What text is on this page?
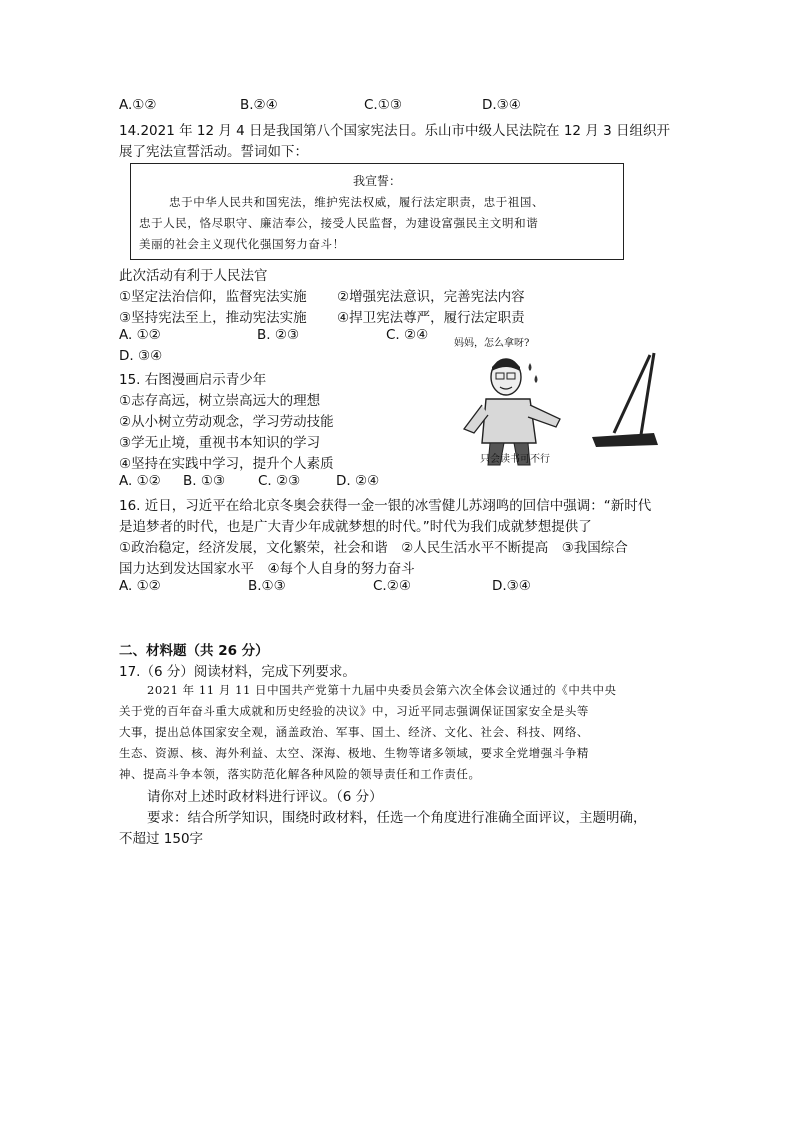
A.①②	B.②④	C.①③	D.③④
14.2021 年 12 月 4 日是我国第八个国家宪法日。乐山市中级人民法院在 12 月 3 日组织开
展了宪法宣誓活动。誓词如下：
我宣誓：
忠于中华人民共和国宪法，维护宪法权威，履行法定职责，忠于祖国、
忠于人民，恪尽职守、廉洁奉公，接受人民监督，为建设富强民主文明和谐
美丽的社会主义现代化强国努力奋斗！
此次活动有利于人民法官
①坚定法治信仰，监督宪法实施 ②增强宪法意识，完善宪法内容
③坚持宪法至上，推动宪法实施 ④捍卫宪法尊严，履行法定职责
A. ①②	B. ②③	C. ②④
D. ③④
15. 右图漫画启示青少年
①志存高远，树立崇高远大的理想
②从小树立劳动观念，学习劳动技能
③学无止境，重视书本知识的学习
④坚持在实践中学习，提升个人素质
A. ①② B. ①③ C. ②③	D. ②④
妈妈，怎么拿呀?
只会读书可不行
16. 近日，习近平在给北京冬奥会获得一金一银的冰雪健儿苏翊鸣的回信中强调：“新时代
是追梦者的时代，也是广大青少年成就梦想的时代。”时代为我们成就梦想提供了
①政治稳定，经济发展，文化繁荣，社会和谐　②人民生活水平不断提高　③我国综合
国力达到发达国家水平　④每个人自身的努力奋斗
A. ①②	B.①③	C.②④	D.③④
二、材料题（共 26 分）
17.（6 分）阅读材料，完成下列要求。
2021 年 11 月 11 日中国共产党第十九届中央委员会第六次全体会议通过的《中共中央
关于党的百年奋斗重大成就和历史经验的决议》中，习近平同志强调保证国家安全是头等
大事，提出总体国家安全观，涵盖政治、军事、国土、经济、文化、社会、科技、网络、
生态、资源、核、海外利益、太空、深海、极地、生物等诸多领域，要求全党增强斗争精
神、提高斗争本领，落实防范化解各种风险的领导责任和工作责任。
请你对上述时政材料进行评议。（6 分）
要求：结合所学知识，围绕时政材料，任选一个角度进行准确全面评议，主题明确，
不超过 150字
